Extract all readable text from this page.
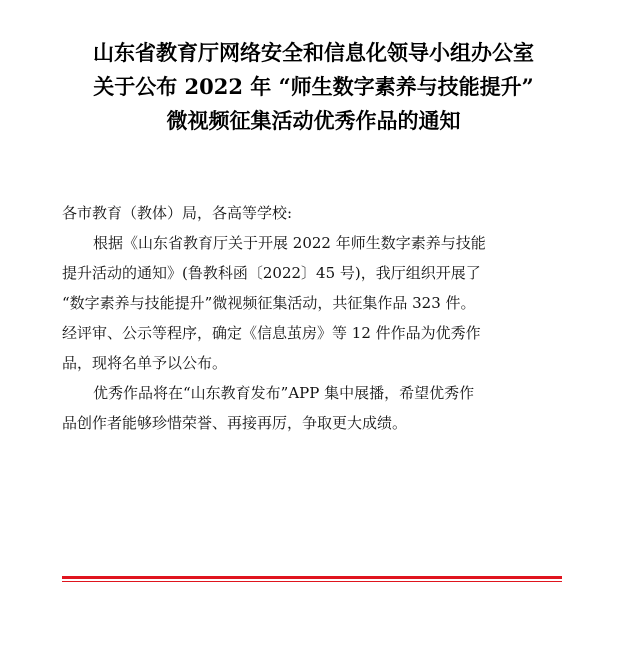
山东省教育厅网络安全和信息化领导小组办公室
关于公布 2022 年 “师生数字素养与技能提升”
微视频征集活动优秀作品的通知
各市教育（教体）局，各高等学校:
根据《山东省教育厅关于开展 2022 年师生数字素养与技能
提升活动的通知》(鲁教科函〔2022〕45 号)，我厅组织开展了
“数字素养与技能提升”微视频征集活动，共征集作品 323 件。
经评审、公示等程序，确定《信息茧房》等 12 件作品为优秀作
品，现将名单予以公布。
优秀作品将在“山东教育发布”APP 集中展播，希望优秀作
品创作者能够珍惜荣誉、再接再厉，争取更大成绩。
